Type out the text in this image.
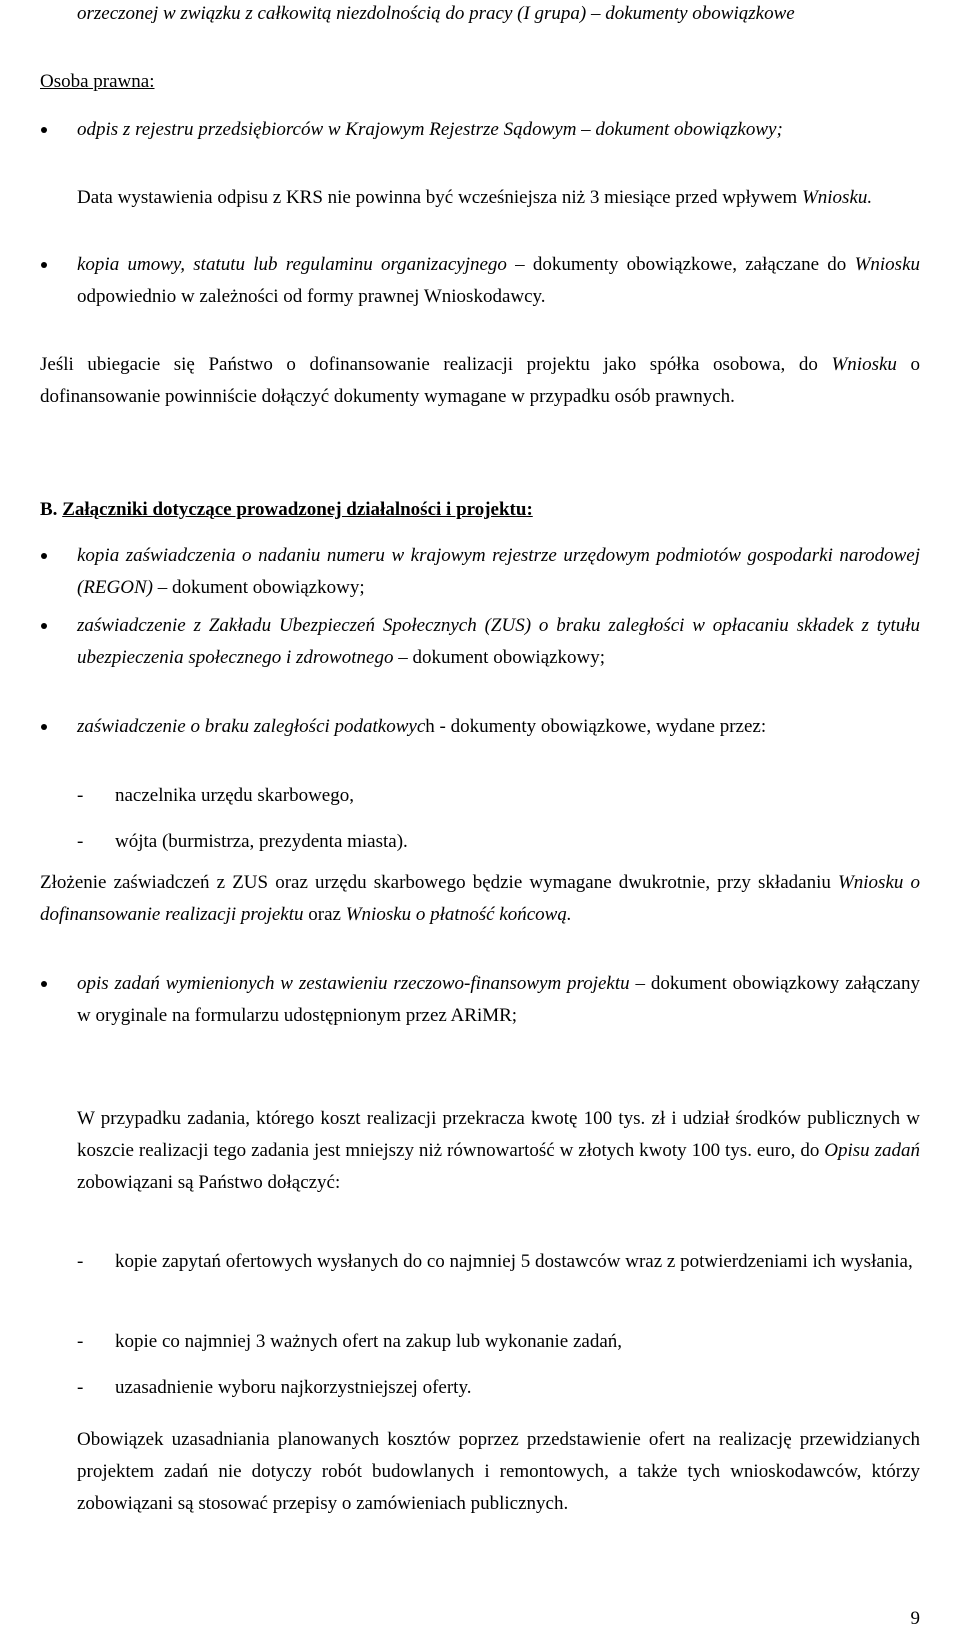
orzeczonej w związku z całkowitą niezdolnością do pracy (I grupa) – dokumenty obowiązkowe

Osoba prawna:

odpis z rejestru przedsiębiorców w Krajowym Rejestrze Sądowym – dokument obowiązkowy;

Data wystawienia odpisu z KRS nie powinna być wcześniejsza niż 3 miesiące przed wpływem Wniosku.

kopia umowy, statutu lub regulaminu organizacyjnego – dokumenty obowiązkowe, załączane do Wniosku odpowiednio w zależności od formy prawnej Wnioskodawcy.

Jeśli ubiegacie się Państwo o dofinansowanie realizacji projektu jako spółka osobowa, do Wniosku o dofinansowanie powinniście dołączyć dokumenty wymagane w przypadku osób prawnych.

B. Załączniki dotyczące prowadzonej działalności i projektu:

kopia zaświadczenia o nadaniu numeru w krajowym rejestrze urzędowym podmiotów gospodarki narodowej (REGON) – dokument obowiązkowy;

zaświadczenie z Zakładu Ubezpieczeń Społecznych (ZUS) o braku zaległości w opłacaniu składek z tytułu ubezpieczenia społecznego i zdrowotnego – dokument obowiązkowy;

zaświadczenie o braku zaległości podatkowych - dokumenty obowiązkowe, wydane przez:

- naczelnika urzędu skarbowego,

- wójta (burmistrza, prezydenta miasta).

Złożenie zaświadczeń z ZUS oraz urzędu skarbowego będzie wymagane dwukrotnie, przy składaniu Wniosku o dofinansowanie realizacji projektu oraz Wniosku o płatność końcową.

opis zadań wymienionych w zestawieniu rzeczowo-finansowym projektu – dokument obowiązkowy załączany w oryginale na formularzu udostępnionym przez ARiMR;

W przypadku zadania, którego koszt realizacji przekracza kwotę 100 tys. zł i udział środków publicznych w koszcie realizacji tego zadania jest mniejszy niż równowartość w złotych kwoty 100 tys. euro, do Opisu zadań zobowiązani są Państwo dołączyć:

- kopie zapytań ofertowych wysłanych do co najmniej 5 dostawców wraz z potwierdzeniami ich wysłania,

- kopie co najmniej 3 ważnych ofert na zakup lub wykonanie zadań,

- uzasadnienie wyboru najkorzystniejszej oferty.

Obowiązek uzasadniania planowanych kosztów poprzez przedstawienie ofert na realizację przewidzianych projektem zadań nie dotyczy robót budowlanych i remontowych, a także tych wnioskodawców, którzy zobowiązani są stosować przepisy o zamówieniach publicznych.

9
